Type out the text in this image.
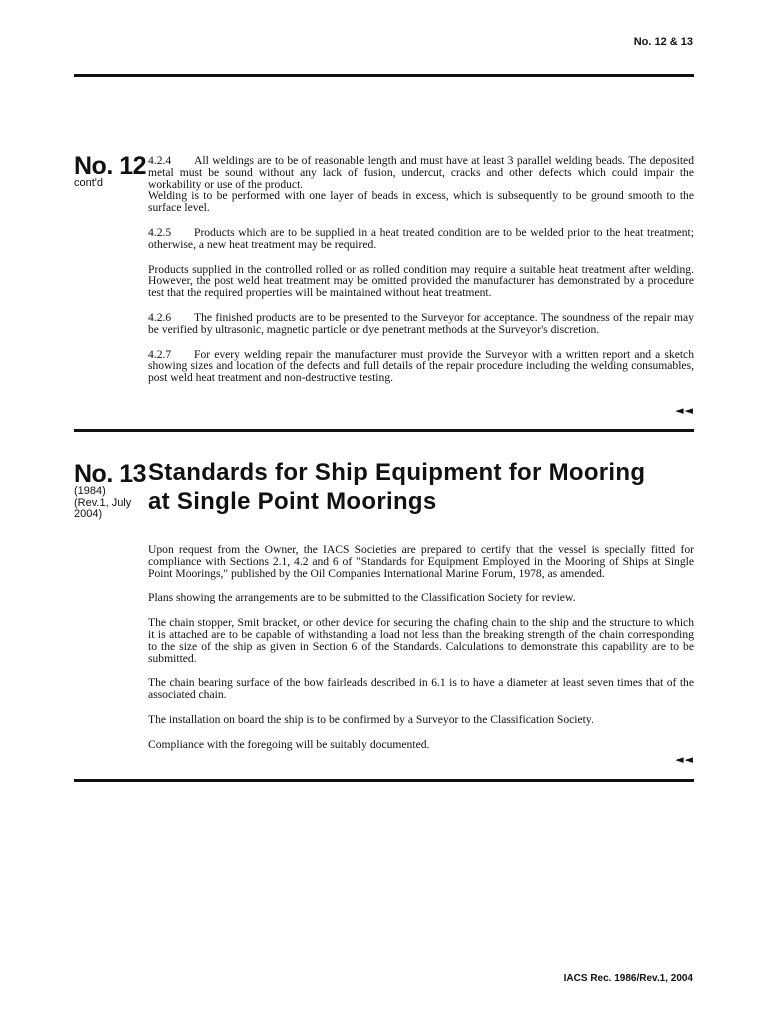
No. 12 & 13
No. 12
cont'd

4.2.4 All weldings are to be of reasonable length and must have at least 3 parallel welding beads. The deposited metal must be sound without any lack of fusion, undercut, cracks and other defects which could impair the workability or use of the product.

Welding is to be performed with one layer of beads in excess, which is subsequently to be ground smooth to the surface level.

4.2.5 Products which are to be supplied in a heat treated condition are to be welded prior to the heat treatment; otherwise, a new heat treatment may be required.

Products supplied in the controlled rolled or as rolled condition may require a suitable heat treatment after welding. However, the post weld heat treatment may be omitted provided the manufacturer has demonstrated by a procedure test that the required properties will be maintained without heat treatment.

4.2.6 The finished products are to be presented to the Surveyor for acceptance. The soundness of the repair may be verified by ultrasonic, magnetic particle or dye penetrant methods at the Surveyor's discretion.

4.2.7 For every welding repair the manufacturer must provide the Surveyor with a written report and a sketch showing sizes and location of the defects and full details of the repair procedure including the welding consumables, post weld heat treatment and non-destructive testing.

◄◄
No. 13
(1984)
(Rev.1, July
2004)
Standards for Ship Equipment for Mooring
at Single Point Moorings

Upon request from the Owner, the IACS Societies are prepared to certify that the vessel is specially fitted for compliance with Sections 2.1, 4.2 and 6 of "Standards for Equipment Employed in the Mooring of Ships at Single Point Moorings," published by the Oil Companies International Marine Forum, 1978, as amended.

Plans showing the arrangements are to be submitted to the Classification Society for review.

The chain stopper, Smit bracket, or other device for securing the chafing chain to the ship and the structure to which it is attached are to be capable of withstanding a load not less than the breaking strength of the chain corresponding to the size of the ship as given in Section 6 of the Standards. Calculations to demonstrate this capability are to be submitted.

The chain bearing surface of the bow fairleads described in 6.1 is to have a diameter at least seven times that of the associated chain.

The installation on board the ship is to be confirmed by a Surveyor to the Classification Society.

Compliance with the foregoing will be suitably documented.

◄◄
IACS Rec. 1986/Rev.1, 2004
